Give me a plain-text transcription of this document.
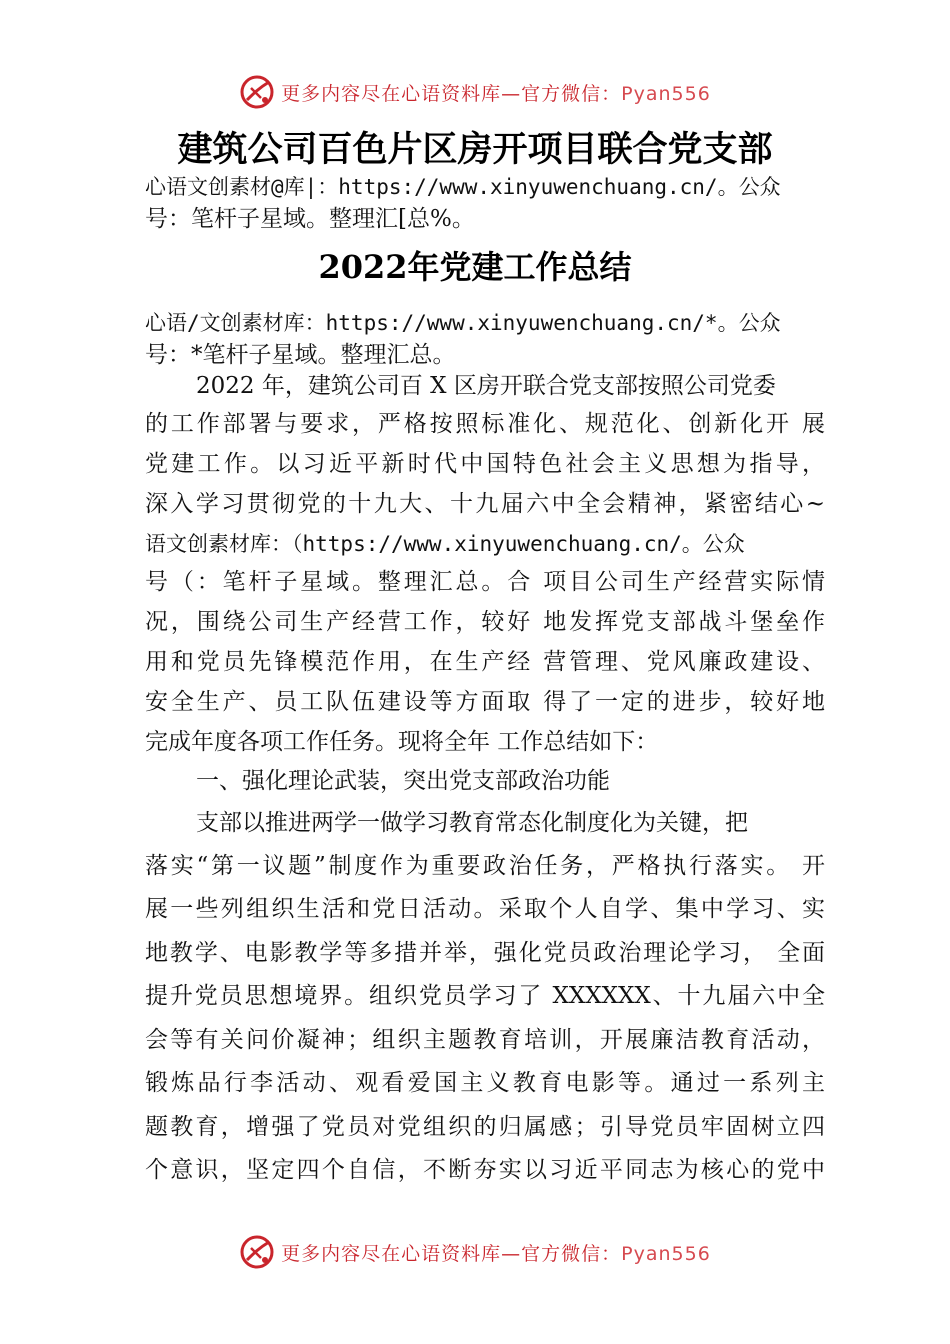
更多内容尽在心语资料库—官方微信：Pyan556
建筑公司百色片区房开项目联合党支部
2022年党建工作总结
心语文创素材@库|：https://www.xinyuwenchuang.cn/。公众
号：笔杆子星域。整理汇[总%。
心语/文创素材库：https://www.xinyuwenchuang.cn/*。公众
号：*笔杆子星域。整理汇总。
2022 年，建筑公司百 X 区房开联合党支部按照公司党委
的工作部署与要求，严格按照标准化、规范化、创新化开 展
党建工作。以习近平新时代中国特色社会主义思想为指导，
深入学习贯彻党的十九大、十九届六中全会精神，紧密结心~
语文创素材库：（https://www.xinyuwenchuang.cn/。公众
号（：笔杆子星域。整理汇总。合 项目公司生产经营实际情
况，围绕公司生产经营工作，较好 地发挥党支部战斗堡垒作
用和党员先锋模范作用，在生产经 营管理、党风廉政建设、
安全生产、员工队伍建设等方面取 得了一定的进步，较好地
完成年度各项工作任务。现将全年 工作总结如下：
一、强化理论武装，突出党支部政治功能
支部以推进两学一做学习教育常态化制度化为关键，把
落实“第一议题”制度作为重要政治任务，严格执行落实。 开
展一些列组织生活和党日活动。采取个人自学、集中学习、实
地教学、电影教学等多措并举，强化党员政治理论学习， 全面
提升党员思想境界。组织党员学习了 XXXXXX、十九届六中全
会等有关问价凝神；组织主题教育培训，开展廉洁教育活动，
锻炼品行李活动、观看爱国主义教育电影等。通过一系列主
题教育，增强了党员对党组织的归属感；引导党员牢固树立四
个意识，坚定四个自信，不断夯实以习近平同志为核心的党中
更多内容尽在心语资料库—官方微信：Pyan556
